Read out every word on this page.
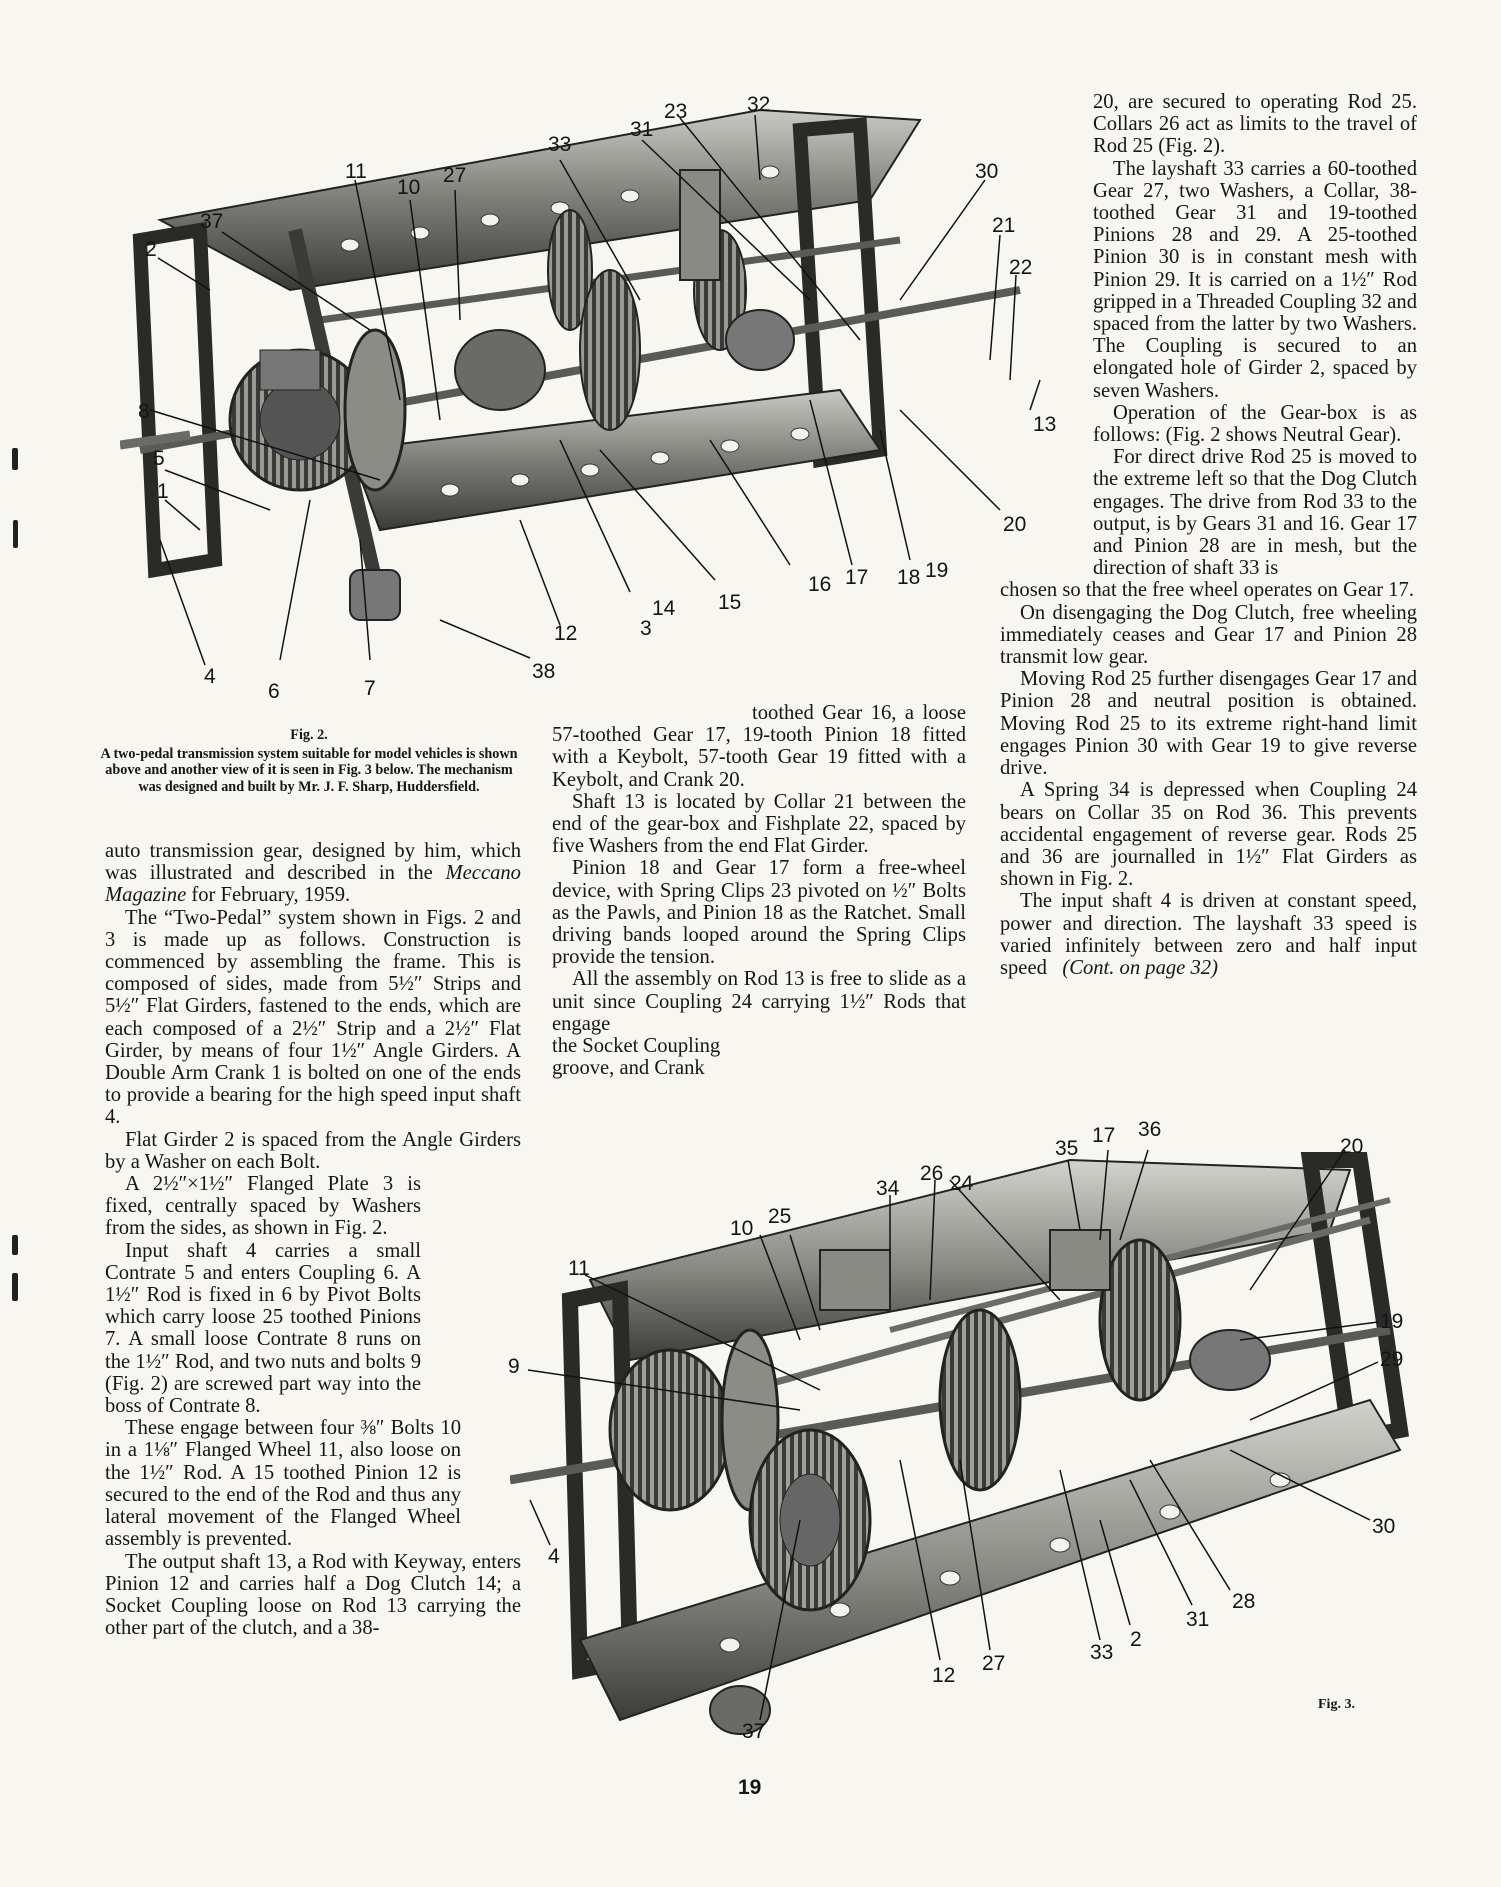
2
37
11
10
27
33
31
23	32
30
21
22
13
8
5
1
4
6	7
12
38
3
14 15
16 17 18 19
20
Fig. 2.
A two-pedal transmission system suitable for model vehicles is shown above and another view of it is seen in Fig. 3 below. The mechanism was designed and built by Mr. J. F. Sharp, Huddersfield.

auto transmission gear, designed by him, which was illustrated and described in the Meccano Magazine for February, 1959.

The “Two-Pedal” system shown in Figs. 2 and 3 is made up as follows. Construction is commenced by assembling the frame. This is composed of sides, made from 5½″ Strips and 5½″ Flat Girders, fastened to the ends, which are each composed of a 2½″ Strip and a 2½″ Flat Girder, by means of four 1½″ Angle Girders. A Double Arm Crank 1 is bolted on one of the ends to provide a bearing for the high speed input shaft 4.

Flat Girder 2 is spaced from the Angle Girders by a Washer on each Bolt.

A 2½″×1½″ Flanged Plate 3 is fixed, centrally spaced by Washers from the sides, as shown in Fig. 2.

Input shaft 4 carries a small Contrate 5 and enters Coupling 6. A 1½″ Rod is fixed in 6 by Pivot Bolts which carry loose 25 toothed Pinions 7. A small loose Contrate 8 runs on the 1½″ Rod, and two nuts and bolts 9 (Fig. 2) are screwed part way into the boss of Contrate 8.

These engage between four ⅜″ Bolts 10 in a 1⅛″ Flanged Wheel 11, also loose on the 1½″ Rod. A 15 toothed Pinion 12 is secured to the end of the Rod and thus any lateral movement of the Flanged Wheel assembly is prevented.

The output shaft 13, a Rod with Keyway, enters Pinion 12 and carries half a Dog Clutch 14; a Socket Coupling loose on Rod 13 carrying the other part of the clutch, and a 38-

toothed Gear 16, a loose 57-toothed Gear 17, 19-tooth Pinion 18 fitted with a Keybolt, 57-tooth Gear 19 fitted with a Keybolt, and Crank 20.

Shaft 13 is located by Collar 21 between the end of the gear-box and Fishplate 22, spaced by five Washers from the end Flat Girder.

Pinion 18 and Gear 17 form a free-wheel device, with Spring Clips 23 pivoted on ½″ Bolts as the Pawls, and Pinion 18 as the Ratchet. Small driving bands looped around the Spring Clips provide the tension.

All the assembly on Rod 13 is free to slide as a unit since Coupling 24 carrying 1½″ Rods that engage

the Socket Coupling

groove, and Crank

20, are secured to operating Rod 25. Collars 26 act as limits to the travel of Rod 25 (Fig. 2).

The layshaft 33 carries a 60-toothed Gear 27, two Washers, a Collar, 38-toothed Gear 31 and 19-toothed Pinions 28 and 29. A 25-toothed Pinion 30 is in constant mesh with Pinion 29. It is carried on a 1½″ Rod gripped in a Threaded Coupling 32 and spaced from the latter by two Washers. The Coupling is secured to an elongated hole of Girder 2, spaced by seven Washers.

Operation of the Gear-box is as follows: (Fig. 2 shows Neutral Gear).

For direct drive Rod 25 is moved to the extreme left so that the Dog Clutch engages. The drive from Rod 33 to the output, is by Gears 31 and 16. Gear 17 and Pinion 28 are in mesh, but the direction of shaft 33 is

chosen so that the free wheel operates on Gear 17.

On disengaging the Dog Clutch, free wheeling immediately ceases and Gear 17 and Pinion 28 transmit low gear.

Moving Rod 25 further disengages Gear 17 and Pinion 28 and neutral position is obtained. Moving Rod 25 to its extreme right-hand limit engages Pinion 30 with Gear 19 to give reverse drive.

A Spring 34 is depressed when Coupling 24 bears on Collar 35 on Rod 36. This prevents accidental engagement of reverse gear. Rods 25 and 36 are journalled in 1½″ Flat Girders as shown in Fig. 2.

The input shaft 4 is driven at constant speed, power and direction. The layshaft 33 speed is varied infinitely between zero and half input speed (Cont. on page 32)

35
17 36
20
34
26 24
10
25
11
9
19
29
30
4
28
31
2
33
12
27
37
Fig. 3.
19
